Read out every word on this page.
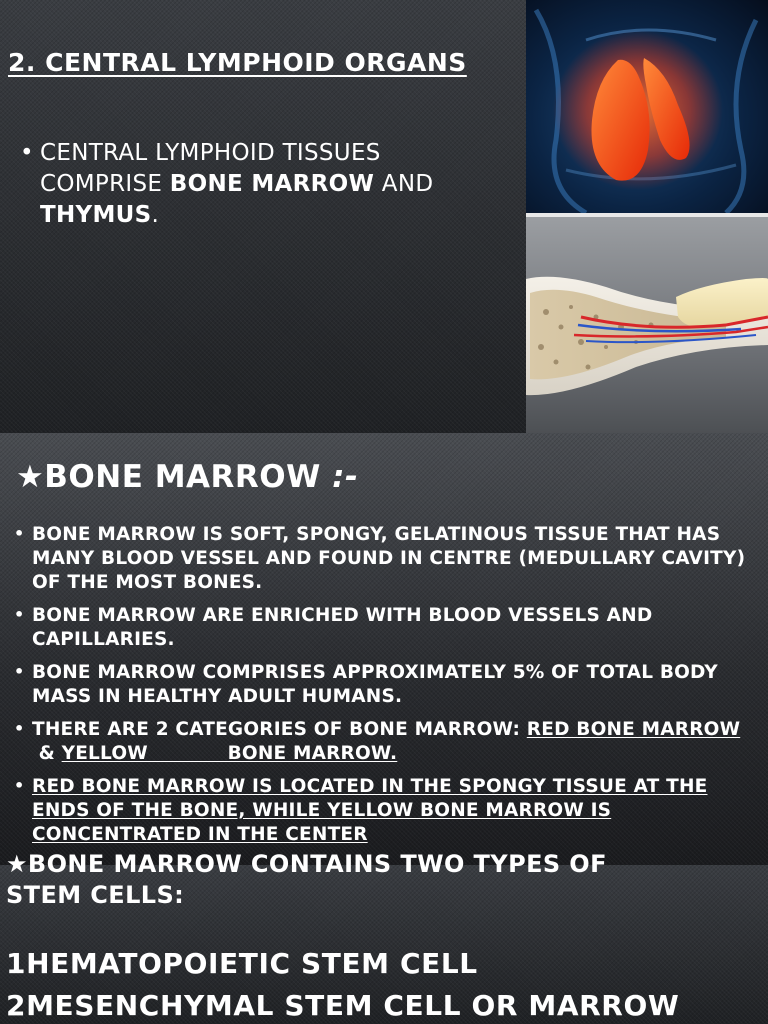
2. CENTRAL LYMPHOID ORGANS
• CENTRAL LYMPHOID TISSUES COMPRISE BONE MARROW AND THYMUS.
★BONE MARROW :-
• BONE MARROW IS SOFT, SPONGY, GELATINOUS TISSUE THAT HAS MANY BLOOD VESSEL AND FOUND IN CENTRE (MEDULLARY CAVITY) OF THE MOST BONES.
• BONE MARROW ARE ENRICHED WITH BLOOD VESSELS AND CAPILLARIES.
• BONE MARROW COMPRISES APPROXIMATELY 5% OF TOTAL BODY MASS IN HEALTHY ADULT HUMANS.
• THERE ARE 2 CATEGORIES OF BONE MARROW: RED BONE MARROW & YELLOW            BONE MARROW.
• RED BONE MARROW IS LOCATED IN THE SPONGY TISSUE AT THE ENDS OF THE BONE, WHILE YELLOW BONE MARROW IS CONCENTRATED IN THE CENTER
★BONE MARROW CONTAINS TWO TYPES OF STEM CELLS:
1HEMATOPOIETIC STEM CELL
2MESENCHYMAL STEM CELL OR MARROW
